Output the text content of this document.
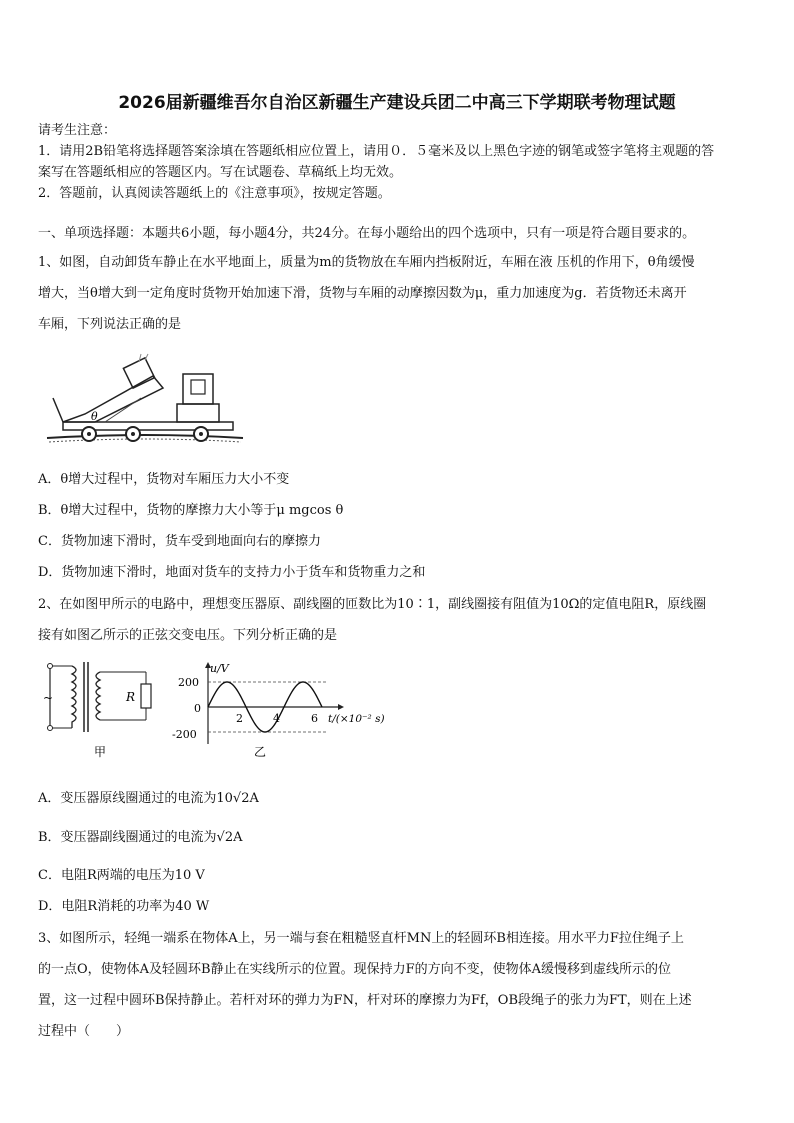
2026届新疆维吾尔自治区新疆生产建设兵团二中高三下学期联考物理试题
请考生注意：
1．请用2B铅笔将选择题答案涂填在答题纸相应位置上，请用０．５毫米及以上黑色字迹的钢笔或签字笔将主观题的答
案写在答题纸相应的答题区内。写在试题卷、草稿纸上均无效。
2．答题前，认真阅读答题纸上的《注意事项》，按规定答题。
一、单项选择题：本题共6小题，每小题4分，共24分。在每小题给出的四个选项中，只有一项是符合题目要求的。
1、如图，自动卸货车静止在水平地面上，质量为m的货物放在车厢内挡板附近，车厢在液 压机的作用下，θ角缓慢
增大，当θ增大到一定角度时货物开始加速下滑，货物与车厢的动摩擦因数为μ，重力加速度为g．若货物还未离开
车厢，下列说法正确的是
θ
A．θ增大过程中，货物对车厢压力大小不变
B．θ增大过程中，货物的摩擦力大小等于μ mgcos θ
C．货物加速下滑时，货车受到地面向右的摩擦力
D．货物加速下滑时，地面对货车的支持力小于货车和货物重力之和
2、在如图甲所示的电路中，理想变压器原、副线圈的匝数比为10∶1，副线圈接有阻值为10Ω的定值电阻R，原线圈
接有如图乙所示的正弦交变电压。下列分析正确的是
~	R
甲
u/V
200
0
-200
2	4	6 t/(×10⁻² s)
乙
A．变压器原线圈通过的电流为10√2A
B．变压器副线圈通过的电流为√2A
C．电阻R两端的电压为10 V
D．电阻R消耗的功率为40 W
3、如图所示，轻绳一端系在物体A上，另一端与套在粗糙竖直杆MN上的轻圆环B相连接。用水平力F拉住绳子上
的一点O，使物体A及轻圆环B静止在实线所示的位置。现保持力F的方向不变，使物体A缓慢移到虚线所示的位
置，这一过程中圆环B保持静止。若杆对环的弹力为FN，杆对环的摩擦力为Ff，OB段绳子的张力为FT，则在上述
过程中（　　）
